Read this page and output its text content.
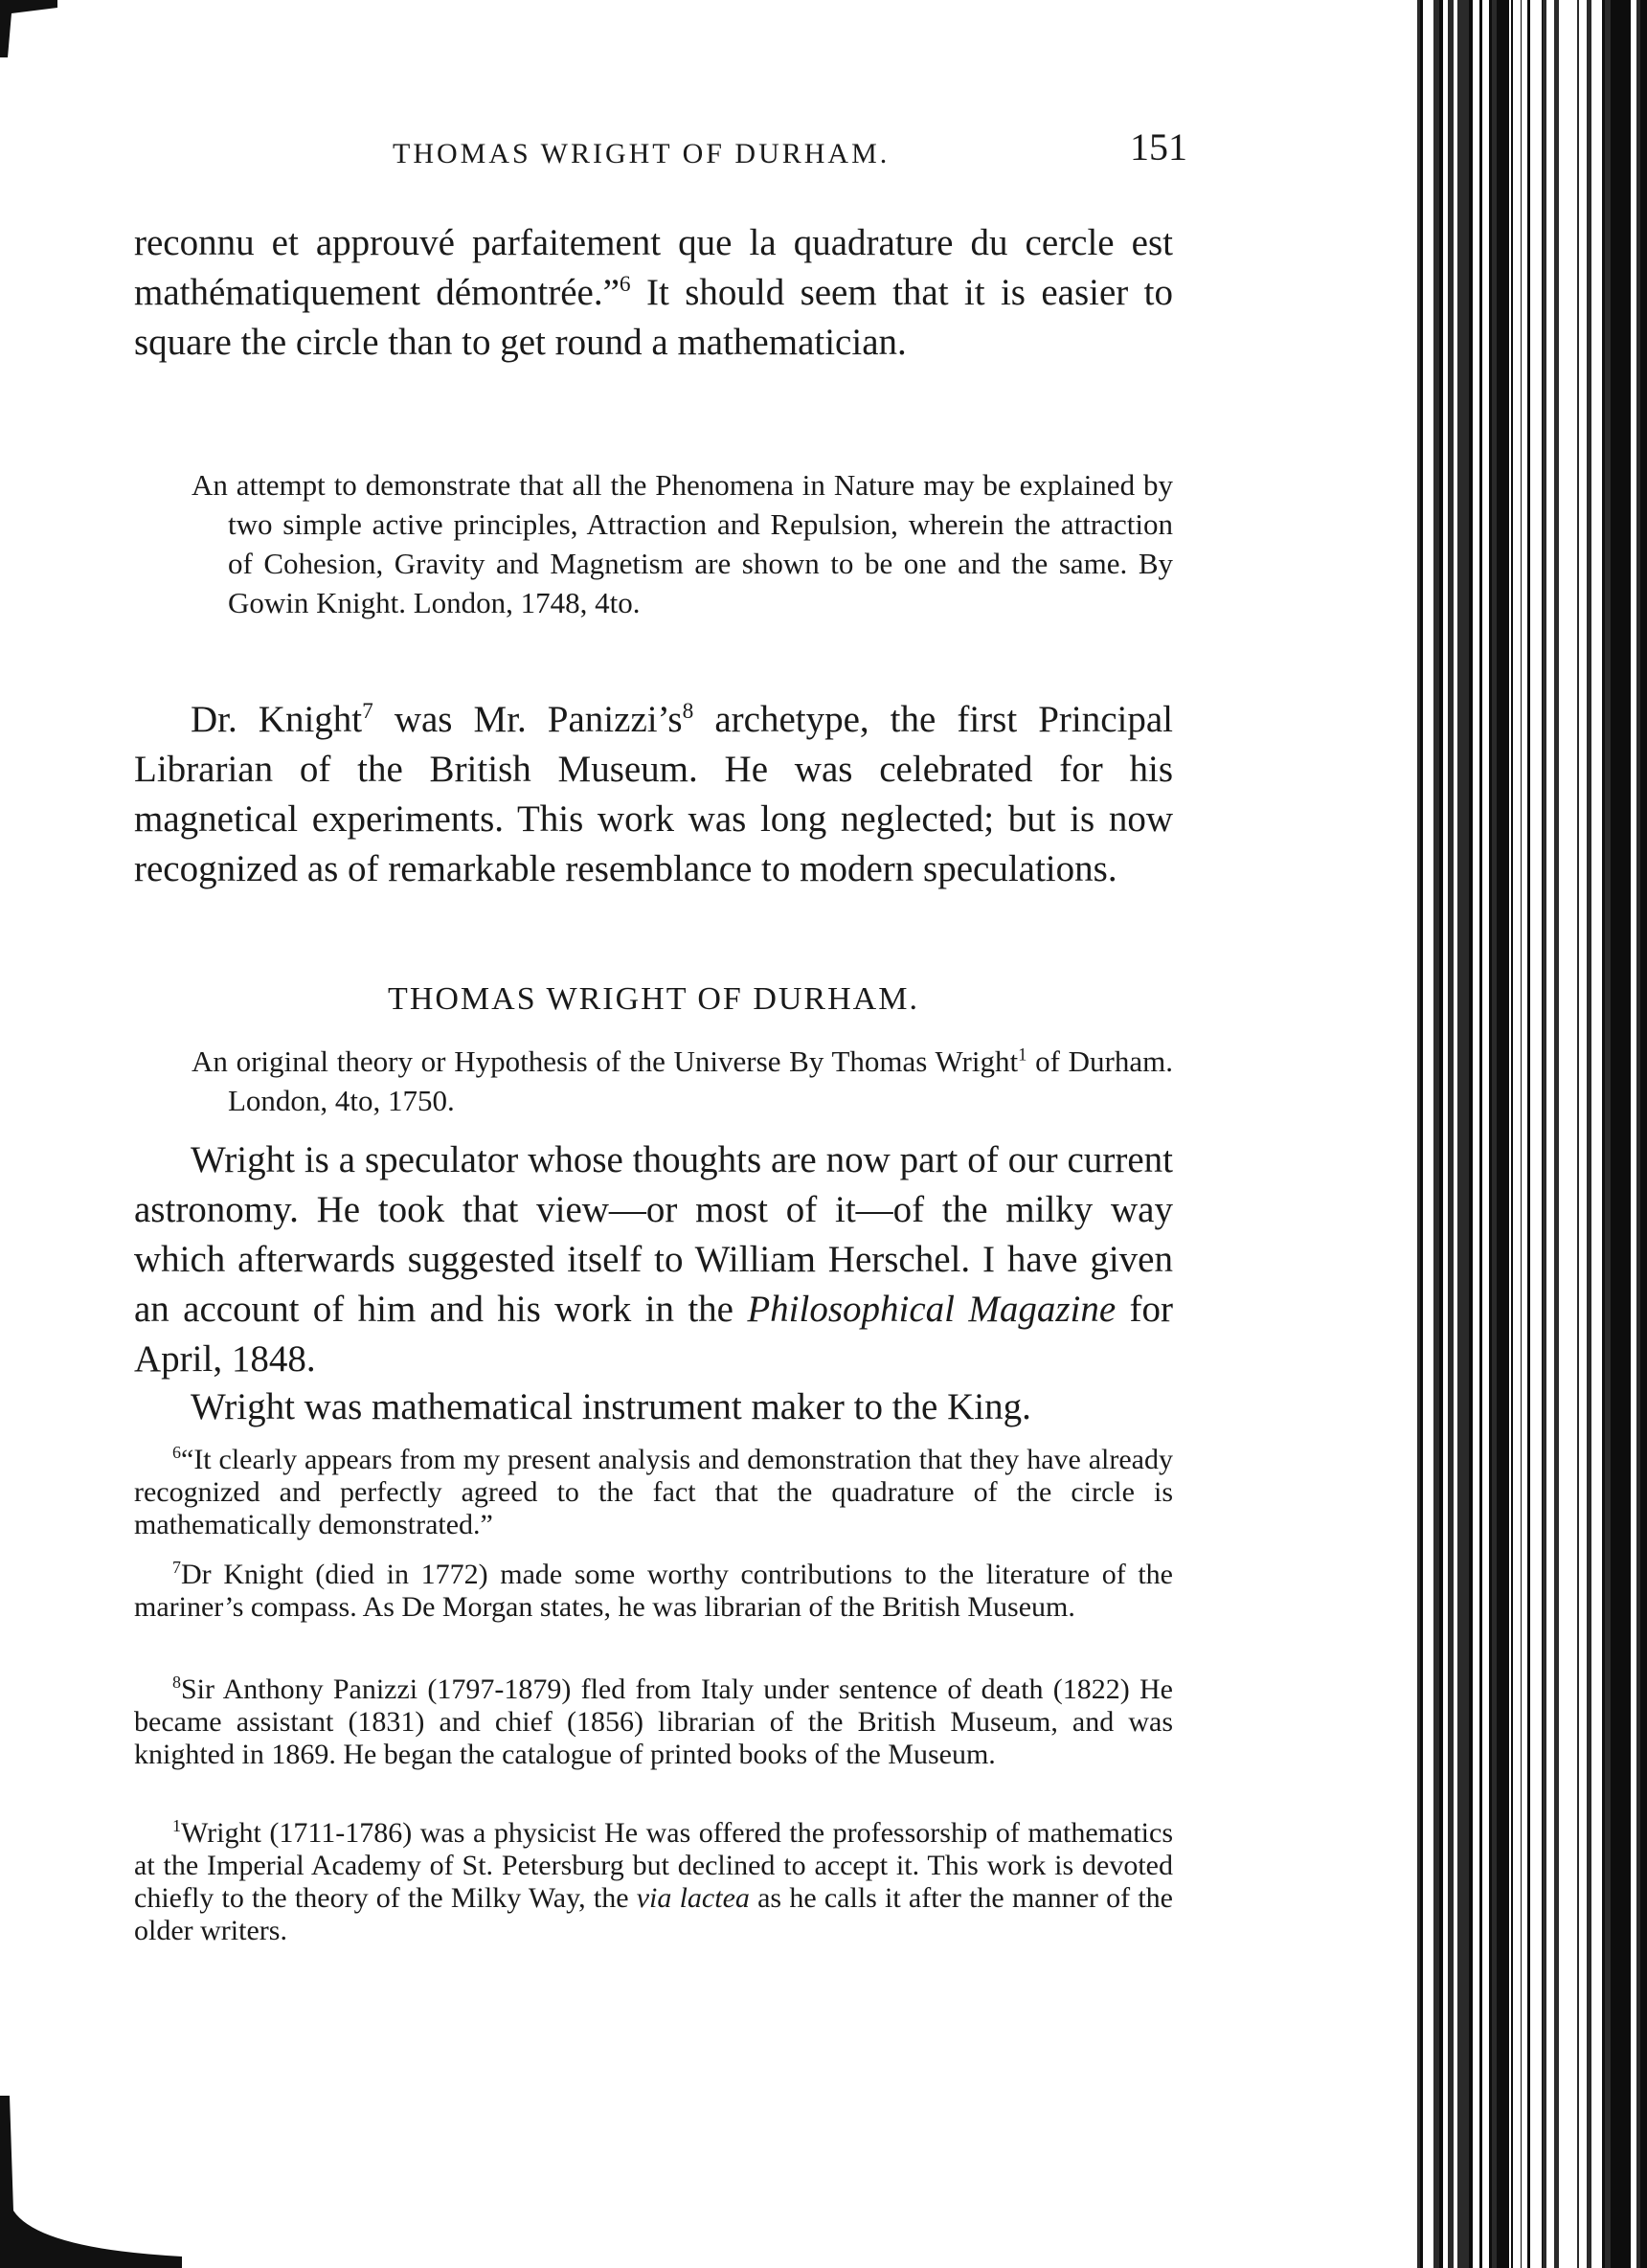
THOMAS WRIGHT OF DURHAM.	151

reconnu et approuvé parfaitement que la quadrature du cercle est mathématiquement démontrée.”$^6$ It should seem that it is easier to square the circle than to get round a mathematician.

An attempt to demonstrate that all the Phenomena in Nature may be explained by two simple active principles, Attraction and Repulsion, wherein the attraction of Cohesion, Gravity and Magnetism are shown to be one and the same. By Gowin Knight. London, 1748, 4to.

Dr. Knight$^7$ was Mr. $Panizzi’s^8$ archetype, the first Principal Librarian of the British Museum. He was celebrated for his magnetical experiments. This work was long neglected; but is now recognized as of remarkable resemblance to modern speculations.

THOMAS WRIGHT OF DURHAM.

An original theory or Hypothesis of the Universe By Thomas Wright$^1$ of Durham. London, 4to, 1750.

Wright is a speculator whose thoughts are now part of our current astronomy. He took that view—or most of it—of the milky way which afterwards suggested itself to William Herschel. I have given an account of him and his work in the Philosophical Magazine for April, 1848.

Wright was mathematical instrument maker to the King.

$^6$“It clearly appears from my present analysis and demonstration that they have already recognized and perfectly agreed to the fact that the quadrature of the circle is mathematically demonstrated.”

$^7$Dr Knight (died in 1772) made some worthy contributions to the literature of the mariner’s compass. As De Morgan states, he was librarian of the British Museum.

$^8$Sir Anthony Panizzi (1797-1879) fled from Italy under sentence of death (1822) He became assistant (1831) and chief (1856) librarian of the British Museum, and was knighted in 1869. He began the catalogue of printed books of the Museum.

$^1$Wright (1711-1786) was a physicist He was offered the professorship of mathematics at the Imperial Academy of St. Petersburg but declined to accept it. This work is devoted chiefly to the theory of the Milky Way, the via lactea as he calls it after the manner of the older writers.
